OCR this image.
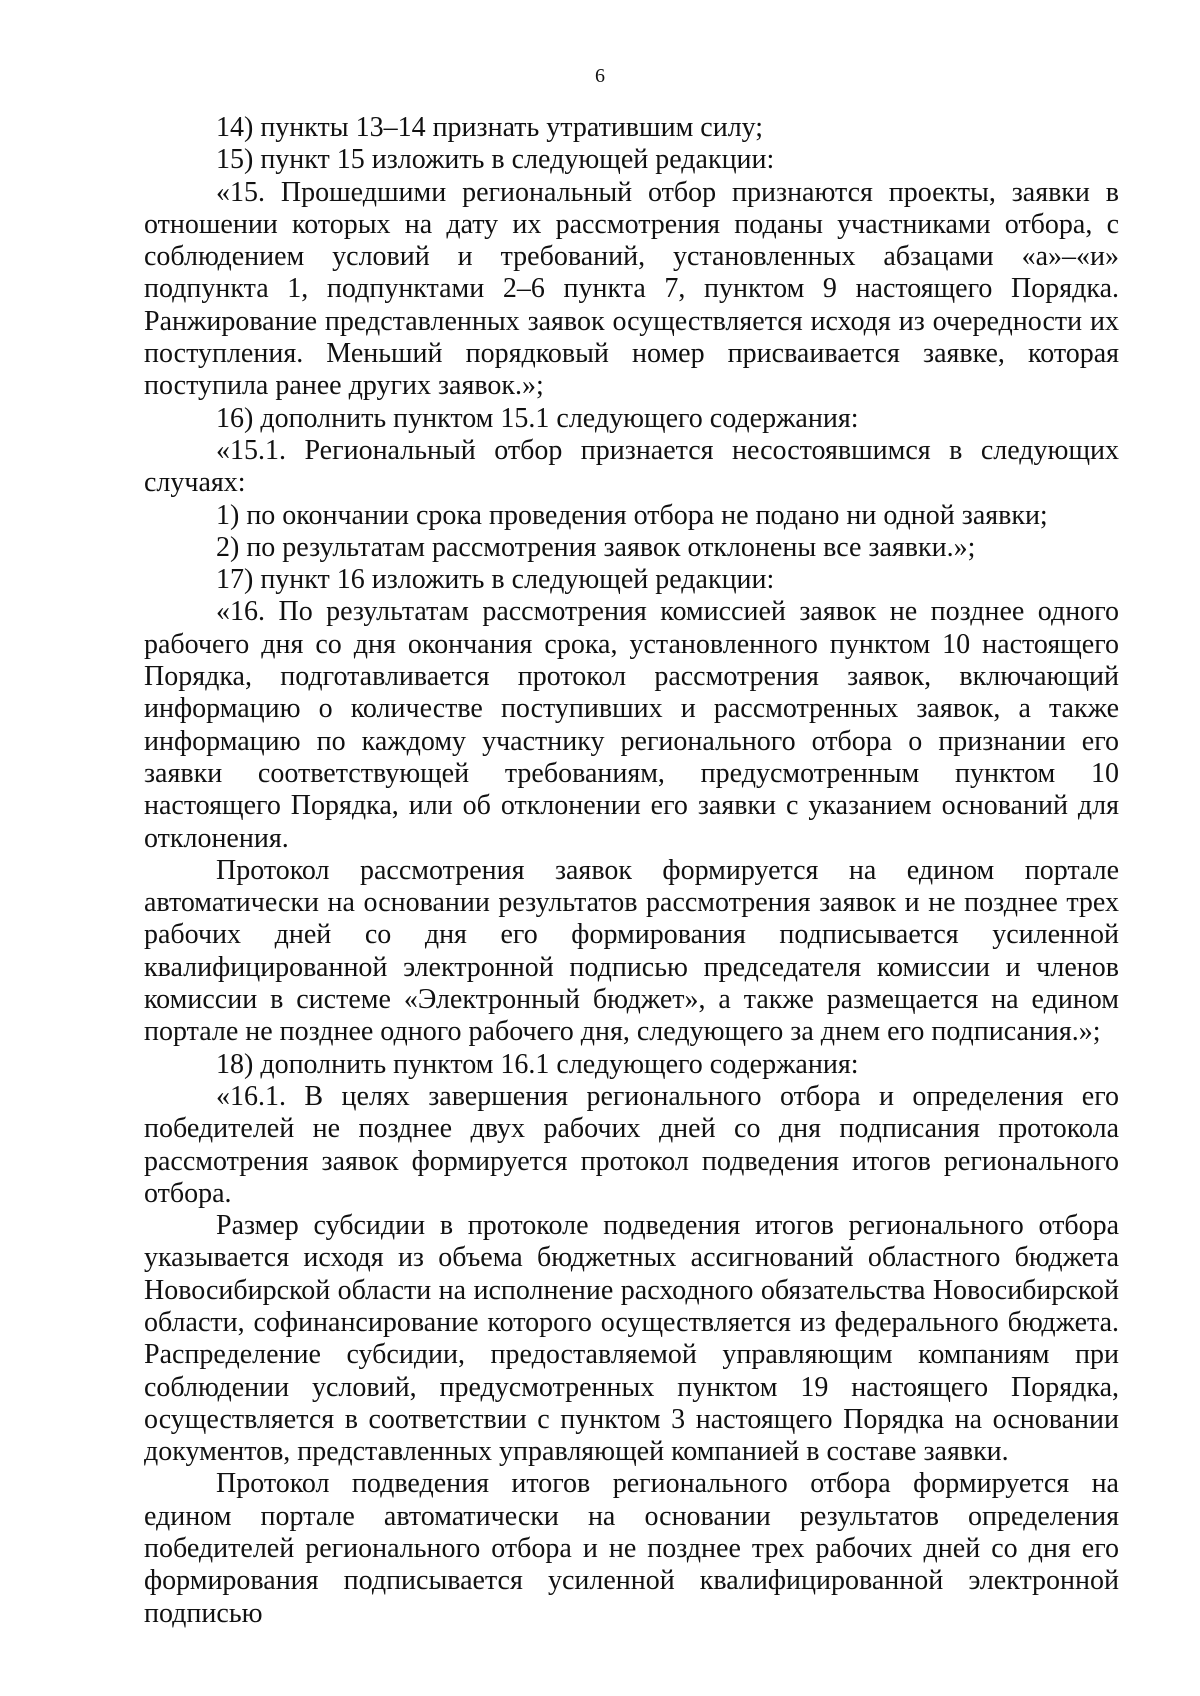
6

14) пункты 13–14 признать утратившим силу;

15) пункт 15 изложить в следующей редакции:

«15. Прошедшими региональный отбор признаются проекты, заявки в отношении которых на дату их рассмотрения поданы участниками отбора, с соблюдением условий и требований, установленных абзацами «а»–«и» подпункта 1, подпунктами 2–6 пункта 7, пунктом 9 настоящего Порядка. Ранжирование представленных заявок осуществляется исходя из очередности их поступления. Меньший порядковый номер присваивается заявке, которая поступила ранее других заявок.»;

16) дополнить пунктом 15.1 следующего содержания:

«15.1. Региональный отбор признается несостоявшимся в следующих случаях:

1) по окончании срока проведения отбора не подано ни одной заявки;

2) по результатам рассмотрения заявок отклонены все заявки.»;

17) пункт 16 изложить в следующей редакции:

«16. По результатам рассмотрения комиссией заявок не позднее одного рабочего дня со дня окончания срока, установленного пунктом 10 настоящего Порядка, подготавливается протокол рассмотрения заявок, включающий информацию о количестве поступивших и рассмотренных заявок, а также информацию по каждому участнику регионального отбора о признании его заявки соответствующей требованиям, предусмотренным пунктом 10 настоящего Порядка, или об отклонении его заявки с указанием оснований для отклонения.

Протокол рассмотрения заявок формируется на едином портале автоматически на основании результатов рассмотрения заявок и не позднее трех рабочих дней со дня его формирования подписывается усиленной квалифицированной электронной подписью председателя комиссии и членов комиссии в системе «Электронный бюджет», а также размещается на едином портале не позднее одного рабочего дня, следующего за днем его подписания.»;

18) дополнить пунктом 16.1 следующего содержания:

«16.1. В целях завершения регионального отбора и определения его победителей не позднее двух рабочих дней со дня подписания протокола рассмотрения заявок формируется протокол подведения итогов регионального отбора.

Размер субсидии в протоколе подведения итогов регионального отбора указывается исходя из объема бюджетных ассигнований областного бюджета Новосибирской области на исполнение расходного обязательства Новосибирской области, софинансирование которого осуществляется из федерального бюджета. Распределение субсидии, предоставляемой управляющим компаниям при соблюдении условий, предусмотренных пунктом 19 настоящего Порядка, осуществляется в соответствии с пунктом 3 настоящего Порядка на основании документов, представленных управляющей компанией в составе заявки.

Протокол подведения итогов регионального отбора формируется на едином портале автоматически на основании результатов определения победителей регионального отбора и не позднее трех рабочих дней со дня его формирования подписывается усиленной квалифицированной электронной подписью
